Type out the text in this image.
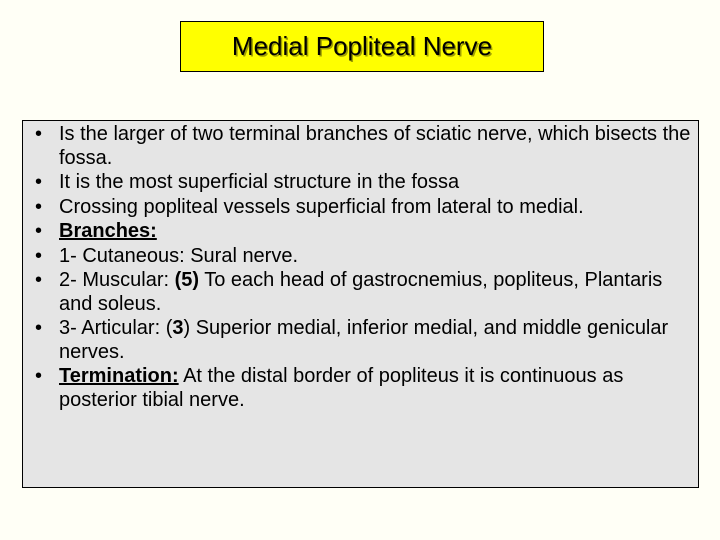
Medial Popliteal Nerve
• Is the larger of two terminal branches of sciatic nerve, which bisects the fossa.
• It is the most superficial structure in the fossa
• Crossing popliteal vessels superficial from lateral to medial.
• Branches:
• 1- Cutaneous: Sural nerve.
• 2- Muscular: (5) To each head of gastrocnemius, popliteus, Plantaris and soleus.
• 3- Articular: (3) Superior medial, inferior medial, and middle genicular nerves.
• Termination: At the distal border of popliteus it is continuous as posterior tibial nerve.
